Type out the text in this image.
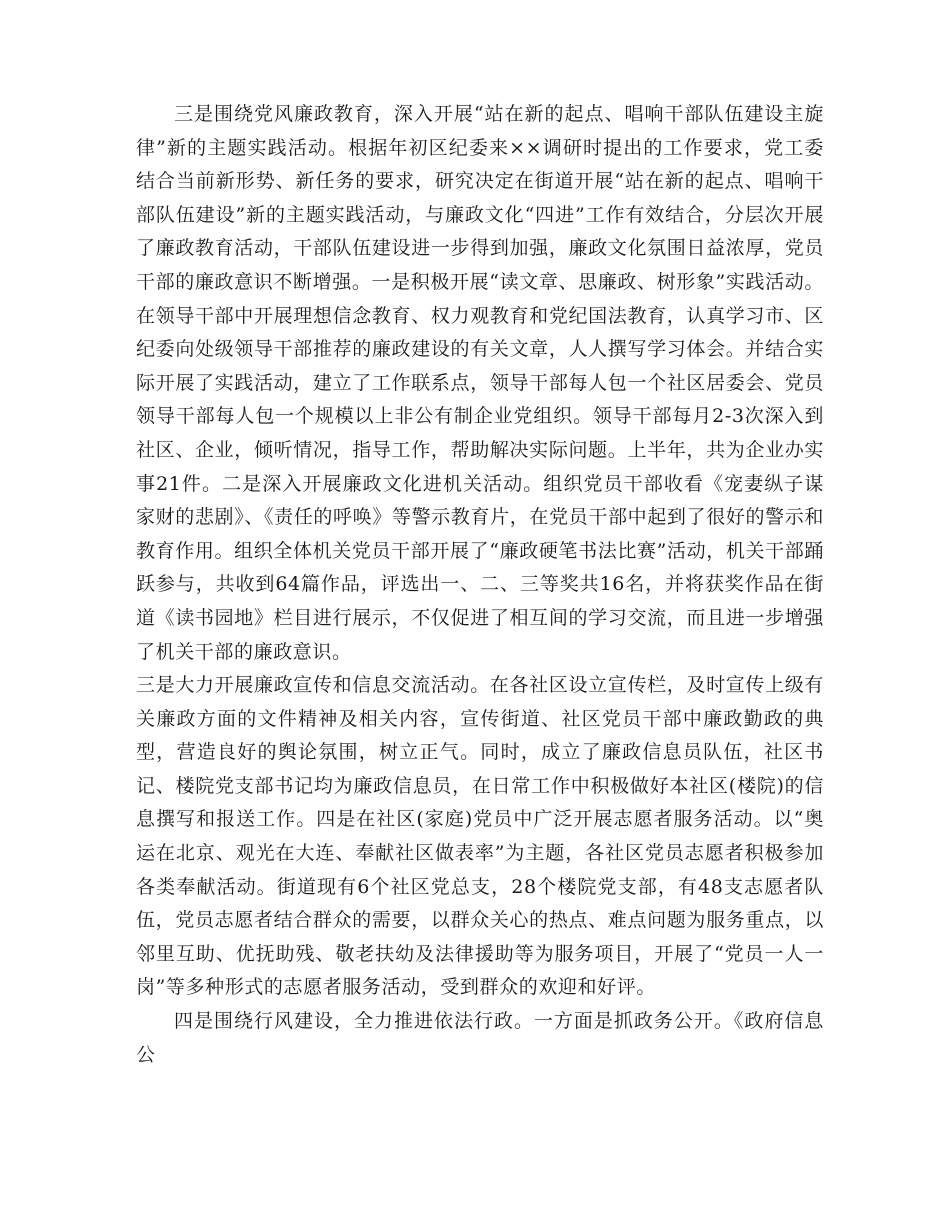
三是围绕党风廉政教育，深入开展“站在新的起点、唱响干部队伍建设主旋律”新的主题实践活动。根据年初区纪委来××调研时提出的工作要求，党工委结合当前新形势、新任务的要求，研究决定在街道开展“站在新的起点、唱响干部队伍建设”新的主题实践活动，与廉政文化“四进”工作有效结合，分层次开展了廉政教育活动，干部队伍建设进一步得到加强，廉政文化氛围日益浓厚，党员干部的廉政意识不断增强。一是积极开展“读文章、思廉政、树形象”实践活动。在领导干部中开展理想信念教育、权力观教育和党纪国法教育，认真学习市、区纪委向处级领导干部推荐的廉政建设的有关文章，人人撰写学习体会。并结合实际开展了实践活动，建立了工作联系点，领导干部每人包一个社区居委会、党员领导干部每人包一个规模以上非公有制企业党组织。领导干部每月2-3次深入到社区、企业，倾听情况，指导工作，帮助解决实际问题。上半年，共为企业办实事21件。二是深入开展廉政文化进机关活动。组织党员干部收看《宠妻纵子谋家财的悲剧》、《责任的呼唤》等警示教育片，在党员干部中起到了很好的警示和教育作用。组织全体机关党员干部开展了“廉政硬笔书法比赛”活动，机关干部踊跃参与，共收到64篇作品，评选出一、二、三等奖共16名，并将获奖作品在街道《读书园地》栏目进行展示，不仅促进了相互间的学习交流，而且进一步增强了机关干部的廉政意识。

三是大力开展廉政宣传和信息交流活动。在各社区设立宣传栏，及时宣传上级有关廉政方面的文件精神及相关内容，宣传街道、社区党员干部中廉政勤政的典型，营造良好的舆论氛围，树立正气。同时，成立了廉政信息员队伍，社区书记、楼院党支部书记均为廉政信息员，在日常工作中积极做好本社区(楼院)的信息撰写和报送工作。四是在社区(家庭)党员中广泛开展志愿者服务活动。以“奥运在北京、观光在大连、奉献社区做表率”为主题，各社区党员志愿者积极参加各类奉献活动。街道现有6个社区党总支，28个楼院党支部，有48支志愿者队伍，党员志愿者结合群众的需要，以群众关心的热点、难点问题为服务重点，以邻里互助、优抚助残、敬老扶幼及法律援助等为服务项目，开展了“党员一人一岗”等多种形式的志愿者服务活动，受到群众的欢迎和好评。

四是围绕行风建设，全力推进依法行政。一方面是抓政务公开。《政府信息公
